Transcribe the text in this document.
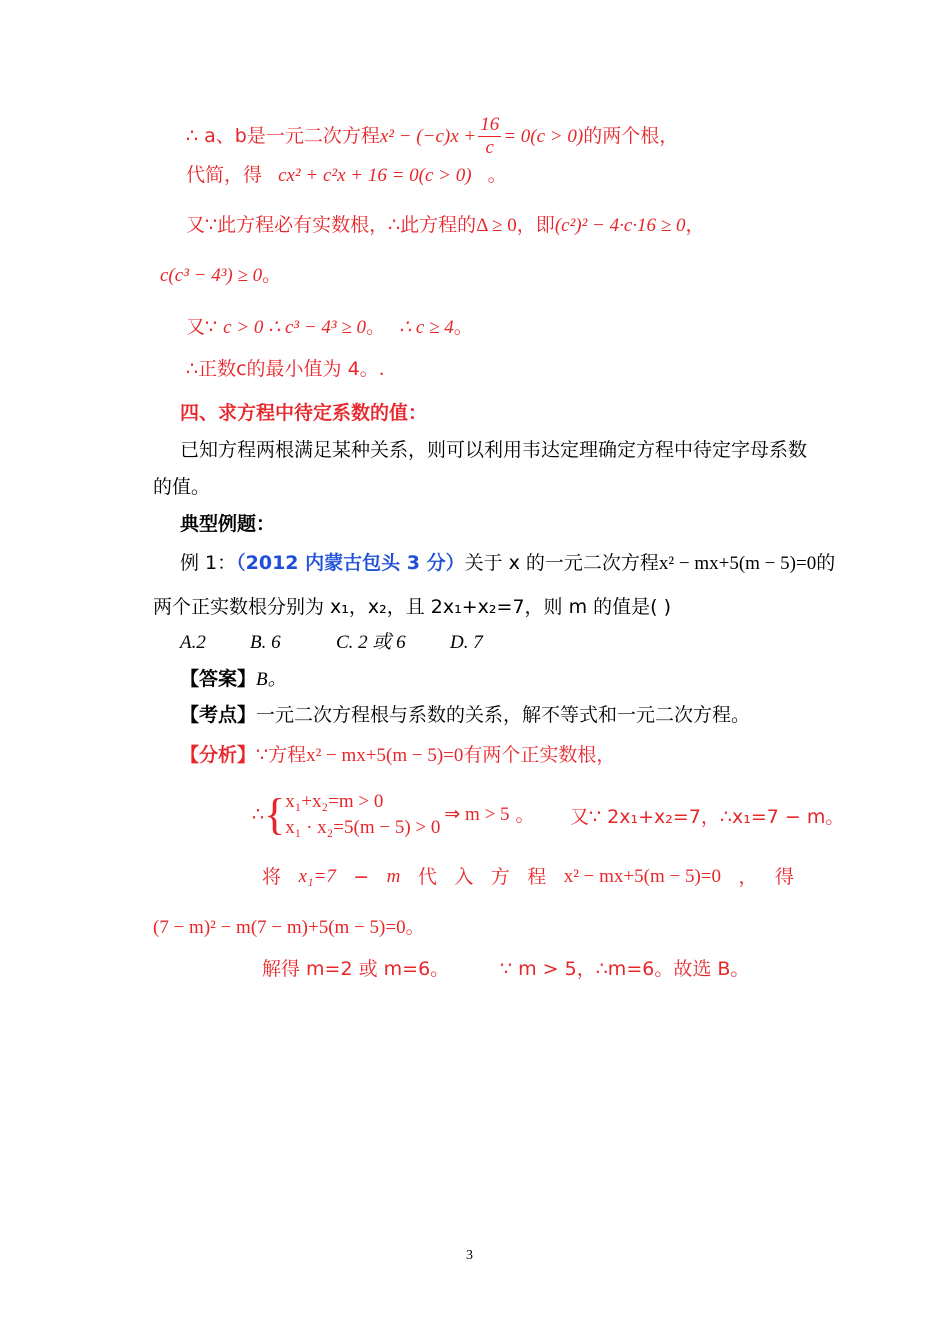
∴ a、b是一元二次方程$x^2 - (-c)x + \frac{16}{c} = 0(c > 0)$的两个根，
代简，得 cx² + c²x + 16 = 0(c > 0) 。
又∵此方程必有实数根，∴此方程的Δ ≥ 0，即(c²)² − 4·c·16 ≥ 0，
c(c³ − 4³) ≥ 0。
又∵ c > 0 ∴ c³ − 4³ ≥ 0。 ∴ c ≥ 4。
∴正数c的最小值为 4。.
四、求方程中待定系数的值：
已知方程两根满足某种关系，则可以利用韦达定理确定方程中待定字母系数
的值。
典型例题：
例 1：（2012 内蒙古包头 3 分）关于 x 的一元二次方程x² − mx+5(m − 5)=0的
两个正实数根分别为 x₁，x₂，且 2x₁+x₂=7，则 m 的值是( )
A.2 B. 6	C. 2 或 6 D. 7
【答案】B。
【考点】一元二次方程根与系数的关系，解不等式和一元二次方程。
【分析】∵方程x² − mx+5(m − 5)=0有两个正实数根，
∴{ x₁+x₂=m > 0
x₁ · x₂=5(m − 5) > 0
⇒ m > 5 。 又∵ 2x₁+x₂=7，∴x₁=7 − m。
将 x₁=7 − m 代 入 方 程 x² − mx+5(m − 5)=0 ， 得
(7 − m)² − m(7 − m)+5(m − 5)=0。
解得 m=2 或 m=6。	∵ m > 5，∴m=6。故选 B。
3
